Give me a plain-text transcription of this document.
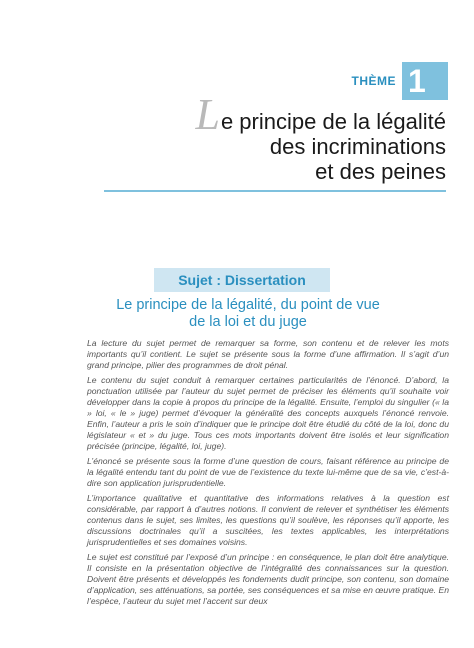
THÈME 1
Le principe de la légalité
des incriminations
et des peines
Sujet : Dissertation
Le principe de la légalité, du point de vue
de la loi et du juge

La lecture du sujet permet de remarquer sa forme, son contenu et de relever les mots importants qu’il contient. Le sujet se présente sous la forme d’une affirmation. Il s’agit d’un grand principe, pilier des programmes de droit pénal.

Le contenu du sujet conduit à remarquer certaines particularités de l’énoncé. D’abord, la ponctuation utilisée par l’auteur du sujet permet de préciser les éléments qu’il souhaite voir développer dans la copie à propos du principe de la légalité. Ensuite, l’emploi du singulier (« la » loi, « le » juge) permet d’évoquer la généralité des concepts auxquels l’énoncé renvoie. Enfin, l’auteur a pris le soin d’indiquer que le principe doit être étudié du côté de la loi, donc du législateur « et » du juge. Tous ces mots importants doivent être isolés et leur signification précisée (principe, légalité, loi, juge).

L’énoncé se présente sous la forme d’une question de cours, faisant référence au principe de la légalité entendu tant du point de vue de l’existence du texte lui-même que de sa vie, c’est-à-dire son application jurisprudentielle.

L’importance qualitative et quantitative des informations relatives à la question est considérable, par rapport à d’autres notions. Il convient de relever et synthétiser les éléments contenus dans le sujet, ses limites, les questions qu’il soulève, les réponses qu’il apporte, les discussions doctrinales qu’il a suscitées, les textes applicables, les interprétations jurisprudentielles et ses domaines voisins.

Le sujet est constitué par l’exposé d’un principe : en conséquence, le plan doit être analytique. Il consiste en la présentation objective de l’intégralité des connaissances sur la question. Doivent être présents et développés les fondements dudit principe, son contenu, son domaine d’application, ses atténuations, sa portée, ses conséquences et sa mise en œuvre pratique. En l’espèce, l’auteur du sujet met l’accent sur deux
